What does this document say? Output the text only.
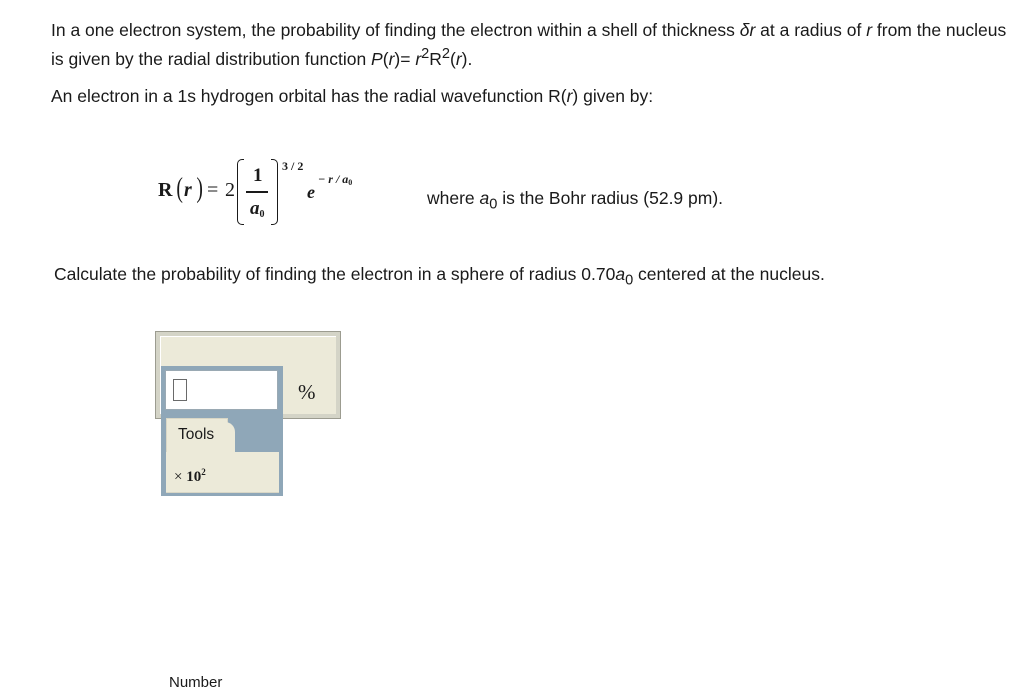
In a one electron system, the probability of finding the electron within a shell of thickness δr at a radius of r from the nucleus is given by the radial distribution function $P(r)= r^2R^2(r)$.

An electron in a 1s hydrogen orbital has the radial wavefunction R(r) given by:

R ( r ) = 2
1
$a_0$
3 / 2
e
− r / $a_0$
where $a_0$ is the Bohr radius (52.9 pm).

Calculate the probability of finding the electron in a sphere of radius $0.70a_0$ centered at the nucleus.

Number
%
Tools
× $10^2$
